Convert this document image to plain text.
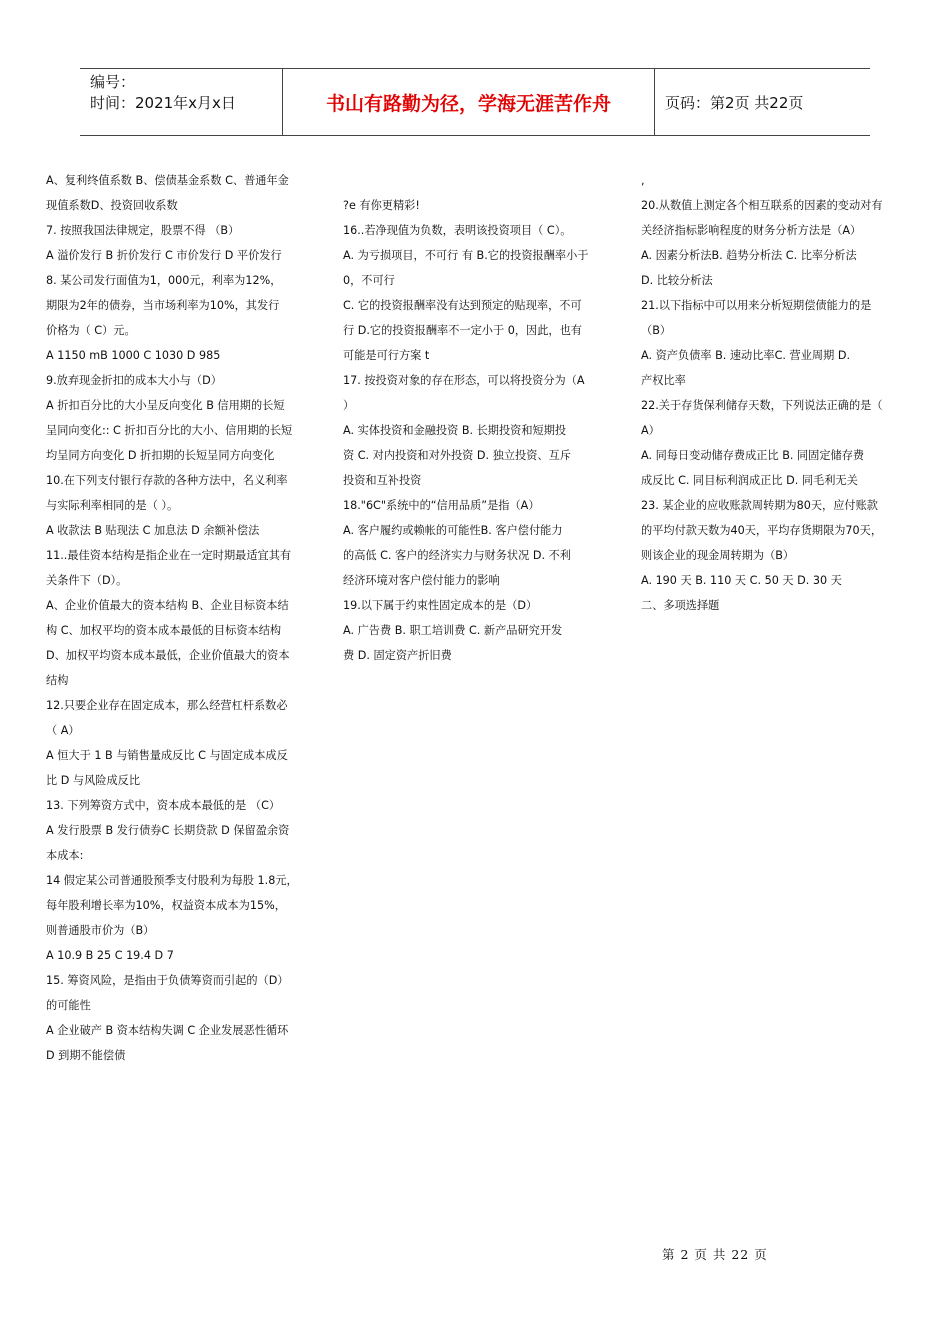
编号：
时间：2021年x月x日	书山有路勤为径，学海无涯苦作舟	页码：第2页 共22页

A、复利终值系数 B、偿债基金系数 C、普通年金

现值系数D、投资回收系数

7. 按照我国法律规定，股票不得 （B）

A 溢价发行 B 折价发行 C 市价发行 D 平价发行

8. 某公司发行面值为1，000元，利率为12%，

期限为2年的债券，当市场利率为10%，其发行

价格为（ C）元。

A 1150 mB 1000 C 1030 D 985

9.放弃现金折扣的成本大小与（D）

A 折扣百分比的大小呈反向变化 B 信用期的长短

呈同向变化:: C 折扣百分比的大小、信用期的长短

均呈同方向变化 D 折扣期的长短呈同方向变化

10.在下列支付银行存款的各种方法中，名义利率

与实际利率相同的是（ ）。

A 收款法 B 贴现法 C 加息法 D 余额补偿法

11..最佳资本结构是指企业在一定时期最适宜其有

关条件下（D）。

A、企业价值最大的资本结构 B、企业目标资本结

构 C、加权平均的资本成本最低的目标资本结构

D、加权平均资本成本最低，企业价值最大的资本

结构

12.只要企业存在固定成本，那么经营杠杆系数必

（ A）

A 恒大于 1 B 与销售量成反比 C 与固定成本成反

比 D 与风险成反比

13. 下列筹资方式中，资本成本最低的是 （C）

A 发行股票 B 发行债券C 长期贷款 D 保留盈余资

本成本:

14 假定某公司普通股预季支付股利为每股 1.8元，

每年股利增长率为10%，权益资本成本为15%，

则普通股市价为（B）

A 10.9 B 25 C 19.4 D 7

15. 筹资风险，是指由于负债筹资而引起的（D）

的可能性

A 企业破产 B 资本结构失调 C 企业发展恶性循环

D 到期不能偿债

?e 有你更精彩!

16..若净现值为负数，表明该投资项目（ C）。

A. 为亏损项目，不可行 有 B.它的投资报酬率小于

0，不可行

C. 它的投资报酬率没有达到预定的贴现率，不可

行 D.它的投资报酬率不一定小于 0，因此，也有

可能是可行方案 t

17. 按投资对象的存在形态，可以将投资分为（A

）

A. 实体投资和金融投资 B. 长期投资和短期投

资 C. 对内投资和对外投资 D. 独立投资、互斥

投资和互补投资

18."6C"系统中的“信用品质”是指（A）

A. 客户履约或赖帐的可能性B. 客户偿付能力

的高低 C. 客户的经济实力与财务状况 D. 不利

经济环境对客户偿付能力的影响

19.以下属于约束性固定成本的是（D）

A. 广告费 B. 职工培训费 C. 新产品研究开发

费 D. 固定资产折旧费

,

20.从数值上测定各个相互联系的因素的变动对有

关经济指标影响程度的财务分析方法是（A）

A. 因素分析法B. 趋势分析法 C. 比率分析法

D. 比较分析法

21.以下指标中可以用来分析短期偿债能力的是

（B）

A. 资产负债率 B. 速动比率C. 营业周期 D.

产权比率

22.关于存货保利储存天数，下列说法正确的是（

A）

A. 同每日变动储存费成正比 B. 同固定储存费

成反比 C. 同目标利润成正比 D. 同毛利无关

23. 某企业的应收账款周转期为80天，应付账款

的平均付款天数为40天，平均存货期限为70天，

则该企业的现金周转期为（B）

A. 190 天 B. 110 天 C. 50 天 D. 30 天

二、多项选择题

第 2 页 共 22 页
